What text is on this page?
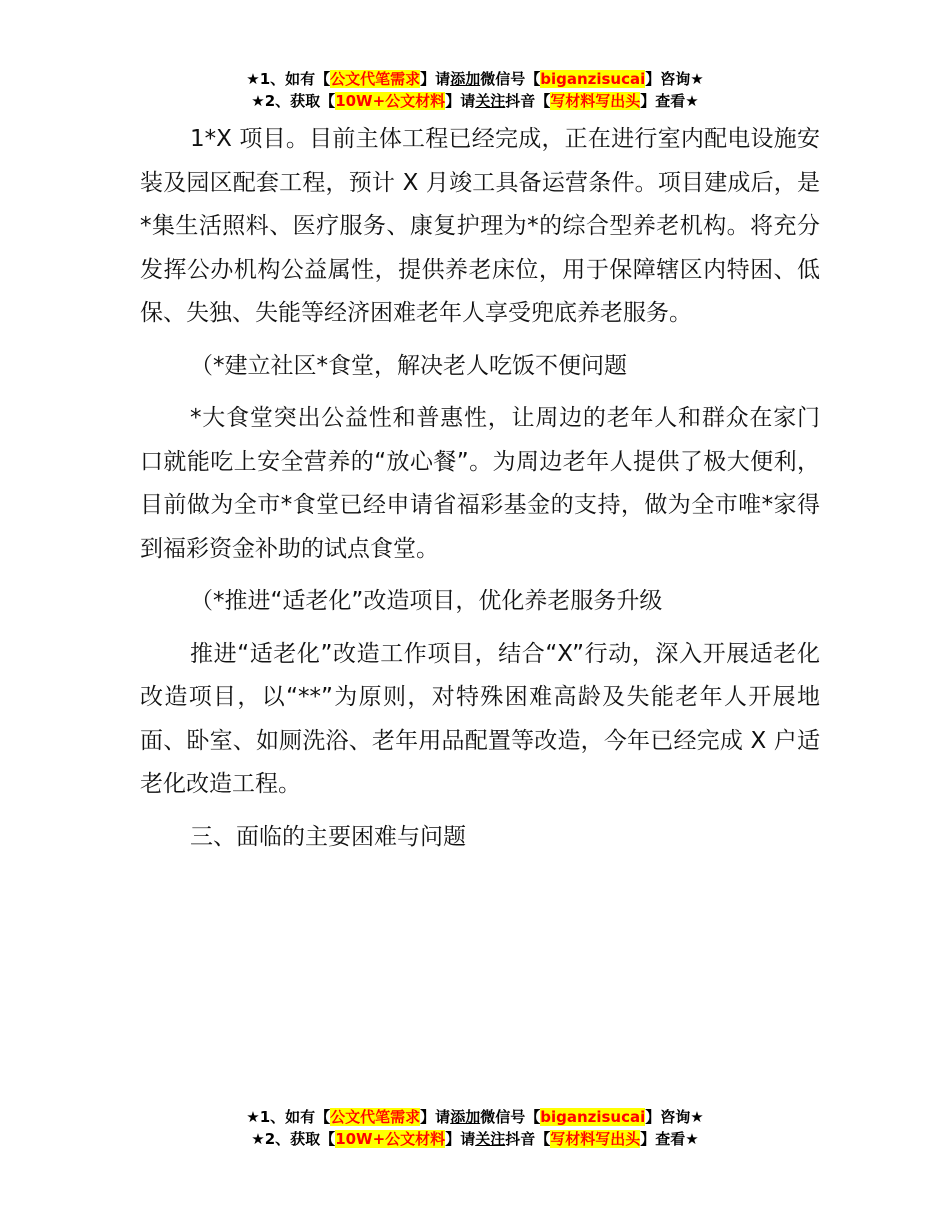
★1、如有【公文代笔需求】请添加微信号【biganzisucai】咨询★
★2、获取【10W+公文材料】请关注抖音【写材料写出头】查看★

1*X 项目。目前主体工程已经完成，正在进行室内配电设施安装及园区配套工程，预计 X 月竣工具备运营条件。项目建成后，是*集生活照料、医疗服务、康复护理为*的综合型养老机构。将充分发挥公办机构公益属性，提供养老床位，用于保障辖区内特困、低保、失独、失能等经济困难老年人享受兜底养老服务。

（*建立社区*食堂，解决老人吃饭不便问题

*大食堂突出公益性和普惠性，让周边的老年人和群众在家门口就能吃上安全营养的“放心餐”。为周边老年人提供了极大便利，目前做为全市*食堂已经申请省福彩基金的支持，做为全市唯*家得到福彩资金补助的试点食堂。

（*推进“适老化”改造项目，优化养老服务升级

推进“适老化”改造工作项目，结合“X”行动，深入开展适老化改造项目，以“**”为原则，对特殊困难高龄及失能老年人开展地面、卧室、如厕洗浴、老年用品配置等改造，今年已经完成 X 户适老化改造工程。

三、面临的主要困难与问题

★1、如有【公文代笔需求】请添加微信号【biganzisucai】咨询★
★2、获取【10W+公文材料】请关注抖音【写材料写出头】查看★
